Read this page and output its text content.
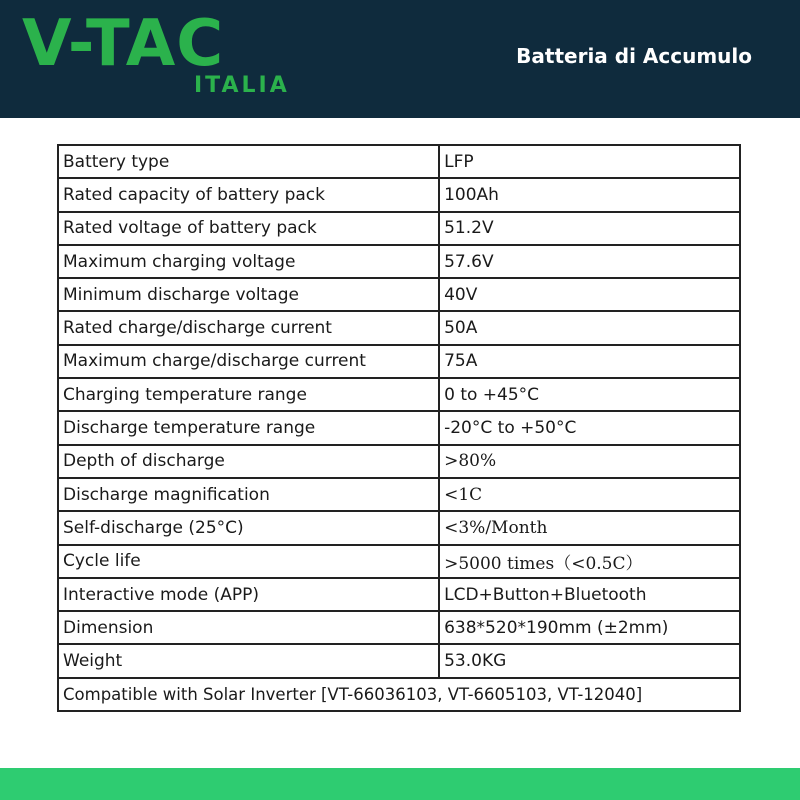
V-TAC
ITALIA
Batteria di Accumulo
Battery type	LFP
Rated capacity of battery pack	100Ah
Rated voltage of battery pack	51.2V
Maximum charging voltage	57.6V
Minimum discharge voltage	40V
Rated charge/discharge current	50A
Maximum charge/discharge current	75A
Charging temperature range	0 to +45°C
Discharge temperature range	-20°C to +50°C
Depth of discharge	>80%
Discharge magnification	<1C
Self-discharge (25°C)	<3%/Month
Cycle life	>5000 times（<0.5C）
Interactive mode (APP)	LCD+Button+Bluetooth
Dimension	638*520*190mm (±2mm)
Weight	53.0KG
Compatible with Solar Inverter [VT-66036103, VT-6605103, VT-12040]	
